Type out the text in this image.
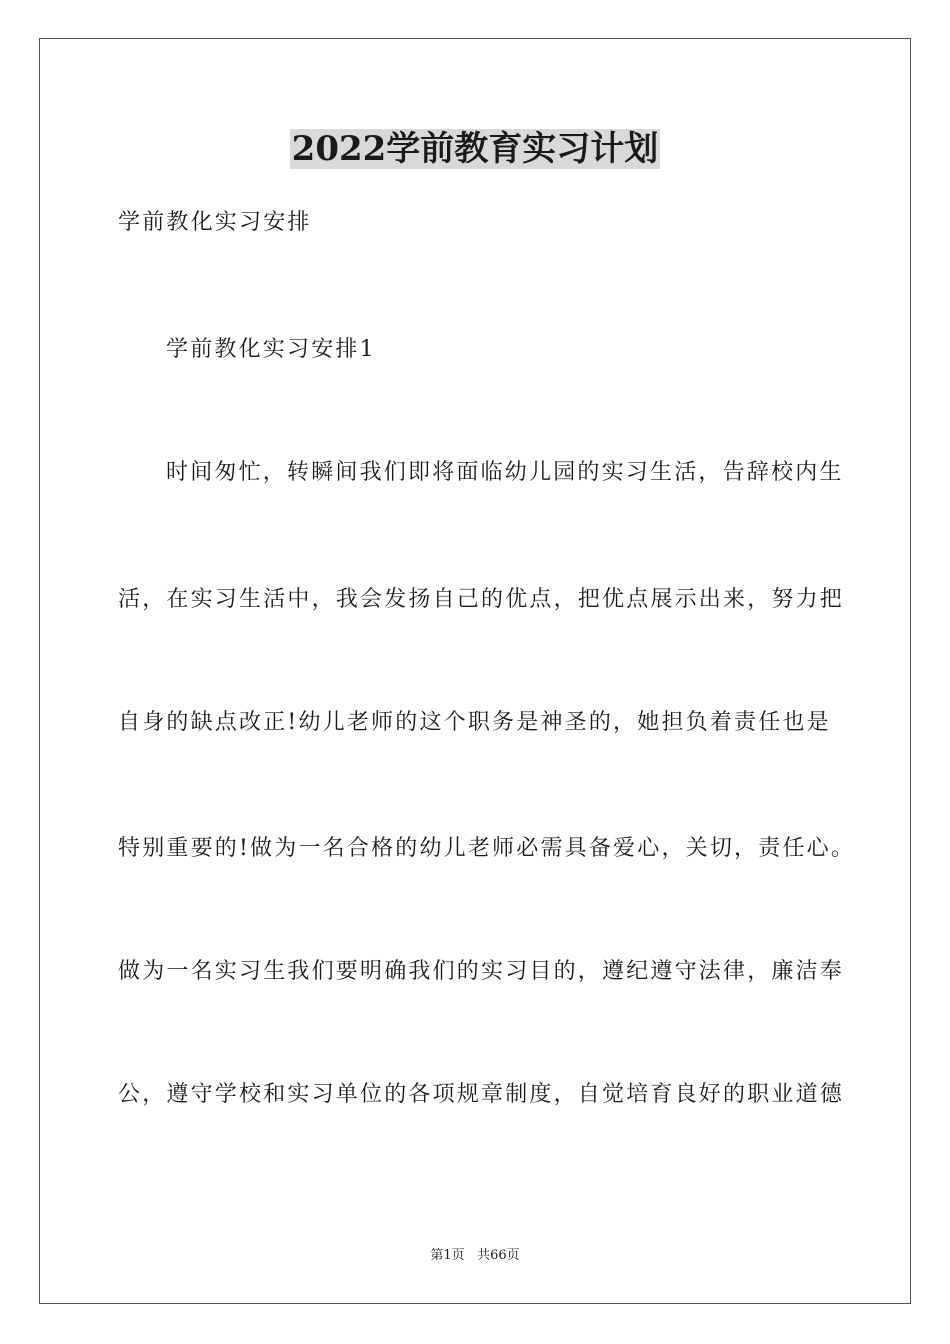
2022学前教育实习计划

学前教化实习安排

学前教化实习安排1

时间匆忙，转瞬间我们即将面临幼儿园的实习生活，告辞校内生

活，在实习生活中，我会发扬自己的优点，把优点展示出来，努力把

自身的缺点改正!幼儿老师的这个职务是神圣的，她担负着责任也是

特别重要的!做为一名合格的幼儿老师必需具备爱心，关切，责任心。

做为一名实习生我们要明确我们的实习目的，遵纪遵守法律，廉洁奉

公，遵守学校和实习单位的各项规章制度，自觉培育良好的职业道德

第1页 共66页
